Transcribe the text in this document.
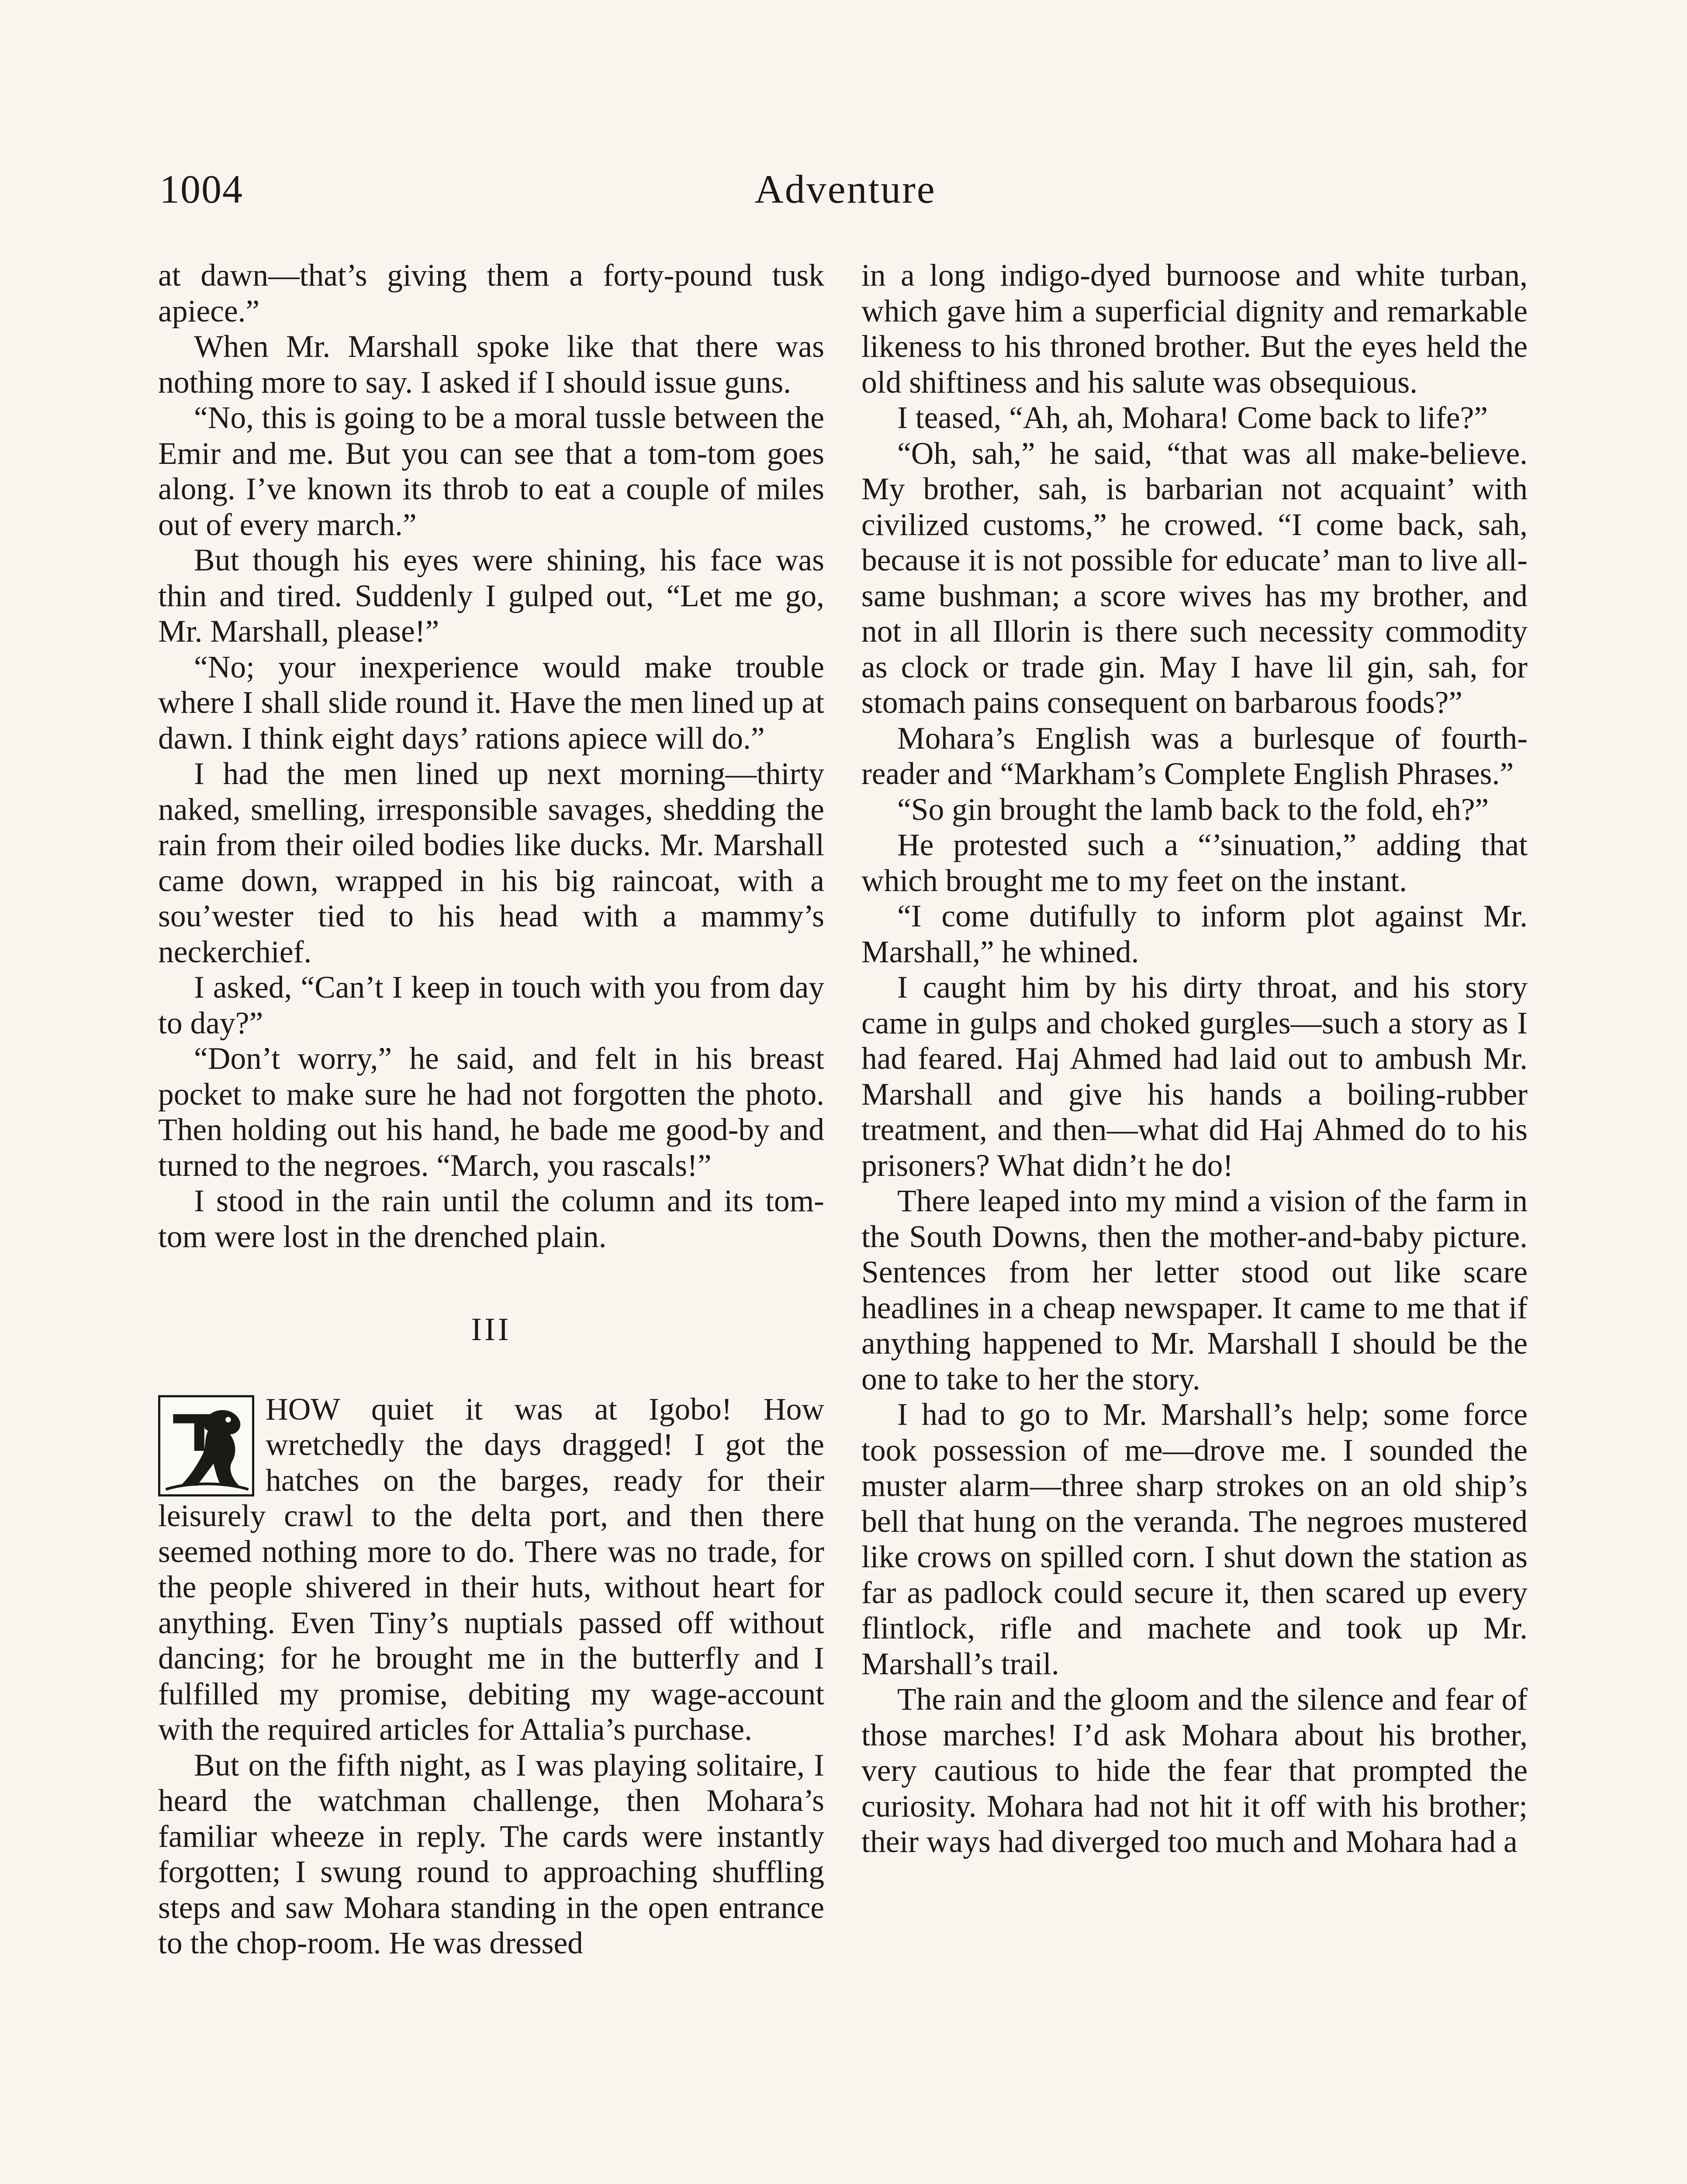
1004	Adventure

at dawn—that’s giving them a forty-pound tusk apiece.”

When Mr. Marshall spoke like that there was nothing more to say. I asked if I should issue guns.

“No, this is going to be a moral tussle between the Emir and me. But you can see that a tom-tom goes along. I’ve known its throb to eat a couple of miles out of every march.”

But though his eyes were shining, his face was thin and tired. Suddenly I gulped out, “Let me go, Mr. Marshall, please!”

“No; your inexperience would make trouble where I shall slide round it. Have the men lined up at dawn. I think eight days’ rations apiece will do.”

I had the men lined up next morning—thirty naked, smelling, irresponsible savages, shedding the rain from their oiled bodies like ducks. Mr. Marshall came down, wrapped in his big raincoat, with a sou’wester tied to his head with a mammy’s neckerchief.

I asked, “Can’t I keep in touch with you from day to day?”

“Don’t worry,” he said, and felt in his breast pocket to make sure he had not forgotten the photo. Then holding out his hand, he bade me good-by and turned to the negroes. “March, you rascals!”

I stood in the rain until the column and its tom-tom were lost in the drenched plain.

III

HOW quiet it was at Igobo! How wretchedly the days dragged! I got the hatches on the barges, ready for their leisurely crawl to the delta port, and then there seemed nothing more to do. There was no trade, for the people shivered in their huts, without heart for anything. Even Tiny’s nuptials passed off without dancing; for he brought me in the butterfly and I fulfilled my promise, debiting my wage-account with the required articles for Attalia’s purchase.

But on the fifth night, as I was playing solitaire, I heard the watchman challenge, then Mohara’s familiar wheeze in reply. The cards were instantly forgotten; I swung round to approaching shuffling steps and saw Mohara standing in the open entrance to the chop-room. He was dressed

in a long indigo-dyed burnoose and white turban, which gave him a superficial dignity and remarkable likeness to his throned brother. But the eyes held the old shiftiness and his salute was obsequious.

I teased, “Ah, ah, Mohara! Come back to life?”

“Oh, sah,” he said, “that was all make-believe. My brother, sah, is barbarian not acquaint’ with civilized customs,” he crowed. “I come back, sah, because it is not possible for educate’ man to live all-same bushman; a score wives has my brother, and not in all Illorin is there such necessity commodity as clock or trade gin. May I have lil gin, sah, for stomach pains consequent on barbarous foods?”

Mohara’s English was a burlesque of fourth-reader and “Markham’s Complete English Phrases.”

“So gin brought the lamb back to the fold, eh?”

He protested such a “’sinuation,” adding that which brought me to my feet on the instant.

“I come dutifully to inform plot against Mr. Marshall,” he whined.

I caught him by his dirty throat, and his story came in gulps and choked gurgles—such a story as I had feared. Haj Ahmed had laid out to ambush Mr. Marshall and give his hands a boiling-rubber treatment, and then—what did Haj Ahmed do to his prisoners? What didn’t he do!

There leaped into my mind a vision of the farm in the South Downs, then the mother-and-baby picture. Sentences from her letter stood out like scare headlines in a cheap newspaper. It came to me that if anything happened to Mr. Marshall I should be the one to take to her the story.

I had to go to Mr. Marshall’s help; some force took possession of me—drove me. I sounded the muster alarm—three sharp strokes on an old ship’s bell that hung on the veranda. The negroes mustered like crows on spilled corn. I shut down the station as far as padlock could secure it, then scared up every flintlock, rifle and machete and took up Mr. Marshall’s trail.

The rain and the gloom and the silence and fear of those marches! I’d ask Mohara about his brother, very cautious to hide the fear that prompted the curiosity. Mohara had not hit it off with his brother; their ways had diverged too much and Mohara had a
